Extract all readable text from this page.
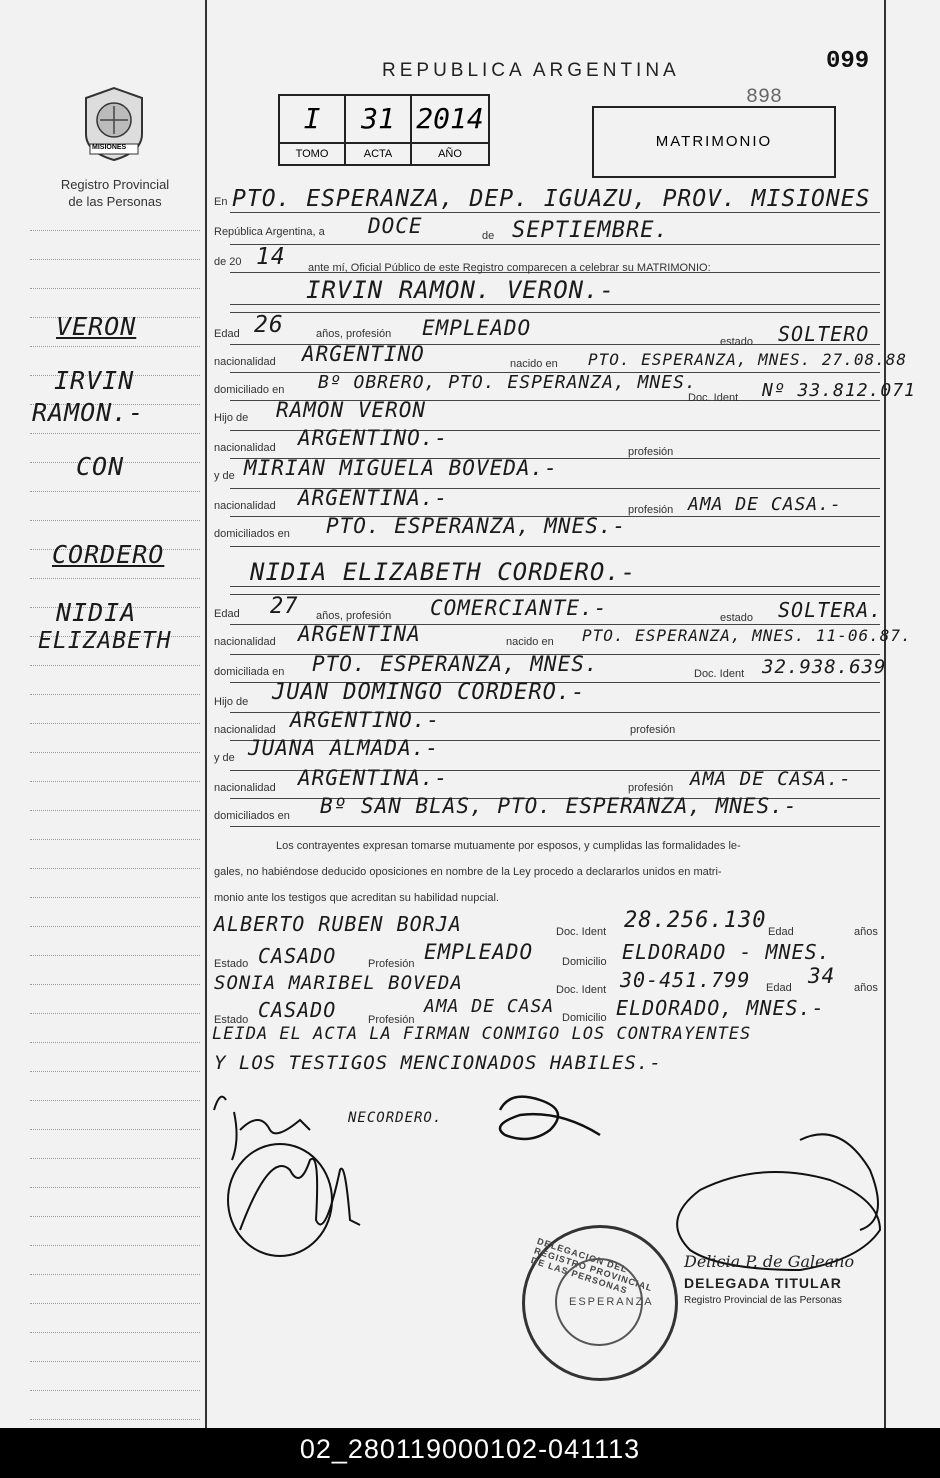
MISIONES
Registro Provincial
de las Personas
REPUBLICA ARGENTINA	099
898
I	31 2014
TOMO	ACTA	AÑO
MATRIMONIO
VERON
IRVIN
RAMON.-
CON
CORDERO
NIDIA
ELIZABETH
En PTO. ESPERANZA, DEP. IGUAZU, PROV. MISIONES
República Argentina, a DOCE	de SEPTIEMBRE.
de 20 14 ante mí, Oficial Público de este Registro comparecen a celebrar su MATRIMONIO:
IRVIN RAMON. VERON.-
Edad 26	años, profesión EMPLEADO
estado SOLTERO
nacionalidad ARGENTINO	nacido en PTO. ESPERANZA, MNES. 27.08.88
domiciliado en Bº OBRERO, PTO. ESPERANZA, MNES.
Doc. Ident Nº 33.812.071
Hijo de RAMON VERON
nacionalidad ARGENTINO.-
profesión
y de MIRIAN MIGUELA BOVEDA.-
nacionalidad ARGENTINA.-	profesión AMA DE CASA.-
domiciliados en PTO. ESPERANZA, MNES.-
NIDIA ELIZABETH CORDERO.-
Edad 27 años, profesión COMERCIANTE.-	estado SOLTERA.
nacionalidad ARGENTINA	nacido en PTO. ESPERANZA, MNES. 11-06.87.
domiciliada en PTO. ESPERANZA, MNES.	Doc. Ident 32.938.639
Hijo de JUAN DOMINGO CORDERO.-
nacionalidad ARGENTINO.-	profesión
y de JUANA ALMADA.-
nacionalidad ARGENTINA.-	profesión AMA DE CASA.-
domiciliados en Bº SAN BLAS, PTO. ESPERANZA, MNES.-
Los contrayentes expresan tomarse mutuamente por esposos, y cumplidas las formalidades le-
gales, no habiéndose deducido oposiciones en nombre de la Ley procedo a declararlos unidos en matri-
monio ante los testigos que acreditan su habilidad nupcial.
ALBERTO RUBEN BORJA	Doc. Ident 28.256.130 Edad	años
Estado CASADO	Profesión EMPLEADO	Domicilio ELDORADO - MNES.
SONIA MARIBEL BOVEDA	Doc. Ident 30-451.799 Edad 34 años
Estado CASADO	Profesión
AMA DE CASA
Domicilio ELDORADO, MNES.-
LEIDA EL ACTA LA FIRMAN CONMIGO LOS CONTRAYENTES
Y LOS TESTIGOS MENCIONADOS HABILES.-
NECORDERO.
DELEGACION DEL REGISTRO PROVINCIAL DE LAS PERSONAS
ESPERANZA
Delicia P. de Galeano
DELEGADA TITULAR
Registro Provincial de las Personas
02_280119000102-041113
